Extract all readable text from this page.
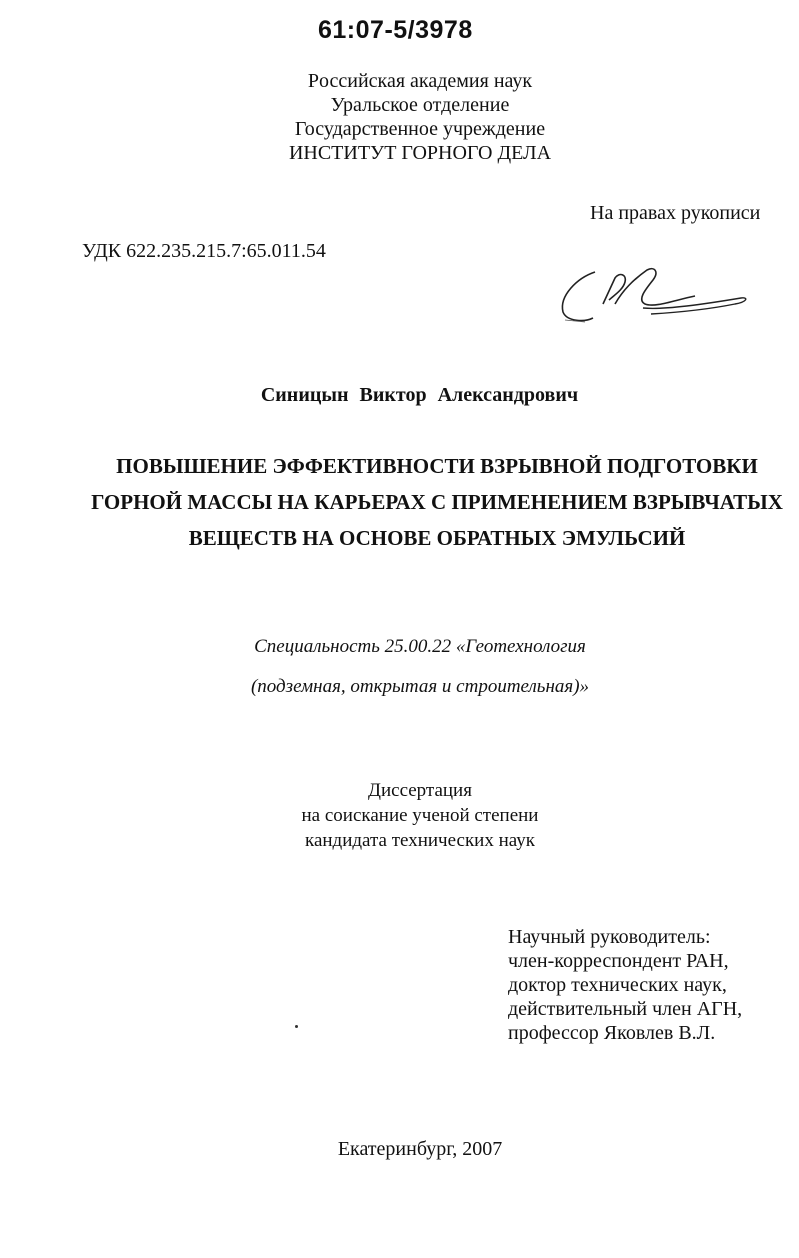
61:07-5/3978
Pоссийская академия наук
Уральское отделение
Государственное учреждение
ИНСТИТУТ ГОРНОГО ДЕЛА
На правах рукописи
УДК 622.235.215.7:65.011.54
Синицын Виктор Александрович
ПОВЫШЕНИЕ ЭФФЕКТИВНОСТИ ВЗРЫВНОЙ ПОДГОТОВКИ
ГОРНОЙ МАССЫ НА КАРЬЕРАХ С ПРИМЕНЕНИЕМ ВЗРЫВЧАТЫХ
ВЕЩЕСТВ НА ОСНОВЕ ОБРАТНЫХ ЭМУЛЬСИЙ
Специальность 25.00.22 «Геотехнология
(подземная, открытая и строительная)»
Диссертация
на соискание ученой степени
кандидата технических наук
Научный руководитель:
член-корреспондент РАН,
доктор технических наук,
действительный член АГН,
профессор Яковлев В.Л.
Екатеринбург, 2007
